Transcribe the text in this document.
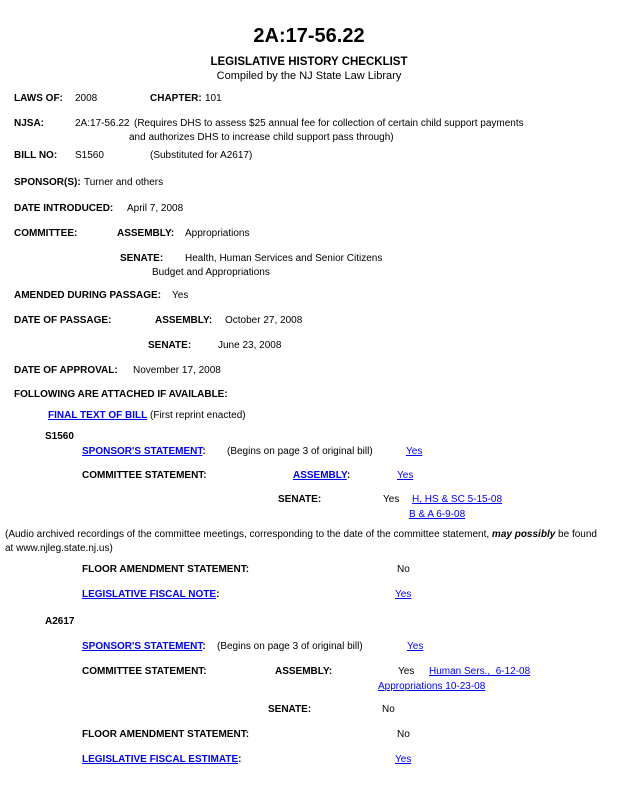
2A:17-56.22
LEGISLATIVE HISTORY CHECKLIST
Compiled by the NJ State Law Library
LAWS OF: 2008	CHAPTER: 101
NJSA:	2A:17-56.22 (Requires DHS to assess $25 annual fee for collection of certain child support payments
and authorizes DHS to increase child support pass through)
BILL NO: S1560	(Substituted for A2617)
SPONSOR(S): Turner and others
DATE INTRODUCED: April 7, 2008
COMMITTEE:	ASSEMBLY: Appropriations
SENATE: Health, Human Services and Senior Citizens
Budget and Appropriations
AMENDED DURING PASSAGE: Yes
DATE OF PASSAGE:	ASSEMBLY: October 27, 2008
SENATE:	June 23, 2008
DATE OF APPROVAL: November 17, 2008
FOLLOWING ARE ATTACHED IF AVAILABLE:
FINAL TEXT OF BILL (First reprint enacted)
S1560
SPONSOR'S STATEMENT: (Begins on page 3 of original bill)	Yes
COMMITTEE STATEMENT:	ASSEMBLY:	Yes
SENATE:	Yes H, HS & SC 5-15-08
B & A 6-9-08
(Audio archived recordings of the committee meetings, corresponding to the date of the committee statement, may possibly be found
at www.njleg.state.nj.us)
FLOOR AMENDMENT STATEMENT:	No
LEGISLATIVE FISCAL NOTE:	Yes
A2617
SPONSOR'S STATEMENT: (Begins on page 3 of original bill)	Yes
COMMITTEE STATEMENT:	ASSEMBLY:	Yes Human Sers.,  6-12-08
Appropriations 10-23-08
SENATE:	No
FLOOR AMENDMENT STATEMENT:	No
LEGISLATIVE FISCAL ESTIMATE:	Yes
